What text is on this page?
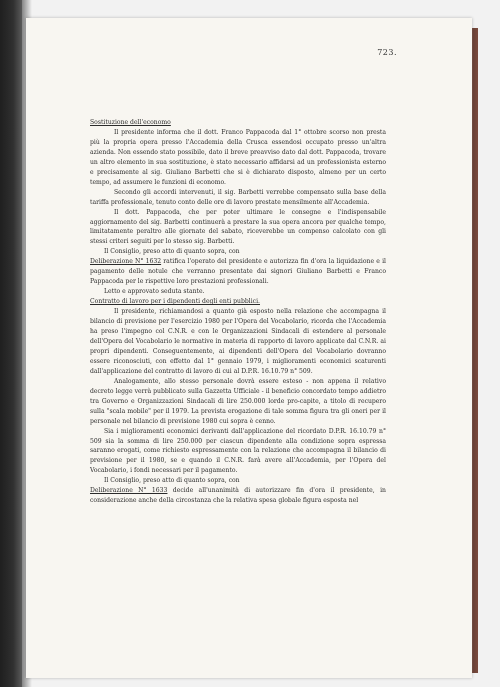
723.

Sostituzione dell'economo

Il presidente informa che il dott. Franco Pappacoda dal 1° ottobre scorso non presta più la propria opera presso l'Accademia della Crusca essendosi occupato presso un'altra azienda. Non essendo stato possibile, dato il breve preavviso dato dal dott. Pappacoda, trovare un altro elemento in sua sostituzione, è stato necessario affidarsi ad un professionista esterno e precisamente al sig. Giuliano Barbetti che si è dichiarato disposto, almeno per un certo tempo, ad assumere le funzioni di economo.

Secondo gli accordi intervenuti, il sig. Barbetti verrebbe compensato sulla base della tariffa professionale, tenuto conto delle ore di lavoro prestate mensilmente all'Accademia.

Il dott. Pappacoda, che per poter ultimare le consegne e l'indispensabile aggiornamento del sig. Barbetti continuerà a prestare la sua opera ancora per qualche tempo, limitatamente peraltro alle giornate del sabato, riceverebbe un compenso calcolato con gli stessi criteri seguiti per lo stesso sig. Barbetti.

Il Consiglio, preso atto di quanto sopra, con

Deliberazione N° 1632 ratifica l'operato del presidente e autorizza fin d'ora la liquidazione e il pagamento delle notule che verranno presentate dai signori Giuliano Barbetti e Franco Pappacoda per le rispettive loro prestazioni professionali.

Letto e approvato seduta stante.

Contratto di lavoro per i dipendenti degli enti pubblici.

Il presidente, richiamandosi a quanto già esposto nella relazione che accompagna il bilancio di previsione per l'esercizio 1980 per l'Opera del Vocabolario, ricorda che l'Accademia ha preso l'impegno col C.N.R. e con le Organizzazioni Sindacali di estendere al personale dell'Opera del Vocabolario le normative in materia di rapporto di lavoro applicate dal C.N.R. ai propri dipendenti. Conseguentemente, ai dipendenti dell'Opera del Vocabolario dovranno essere riconosciuti, con effetto dal 1° gennaio 1979, i miglioramenti economici scaturenti dall'applicazione del contratto di lavoro di cui al D.P.R. 16.10.79 n° 509.

Analogamente, allo stesso personale dovrà essere esteso - non appena il relativo decreto legge verrà pubblicato sulla Gazzetta Ufficiale - il beneficio concordato tempo addietro tra Governo e Organizzazioni Sindacali di lire 250.000 lorde pro-capite, a titolo di recupero sulla "scala mobile" per il 1979. La prevista erogazione di tale somma figura tra gli oneri per il personale nel bilancio di previsione 1980 cui sopra è cenno.

Sia i miglioramenti economici derivanti dall'applicazione del ricordato D.P.R. 16.10.79 n° 509 sia la somma di lire 250.000 per ciascun dipendente alla condizione sopra espressa saranno erogati, come richiesto espressamente con la relazione che accompagna il bilancio di previsione per il 1980, se e quando il C.N.R. farà avere all'Accademia, per l'Opera del Vocabolario, i fondi necessari per il pagamento.

Il Consiglio, preso atto di quanto sopra, con

Deliberazione N° 1633 decide all'unanimità di autorizzare fin d'ora il presidente, in considerazione anche della circostanza che la relativa spesa globale figura esposta nel
